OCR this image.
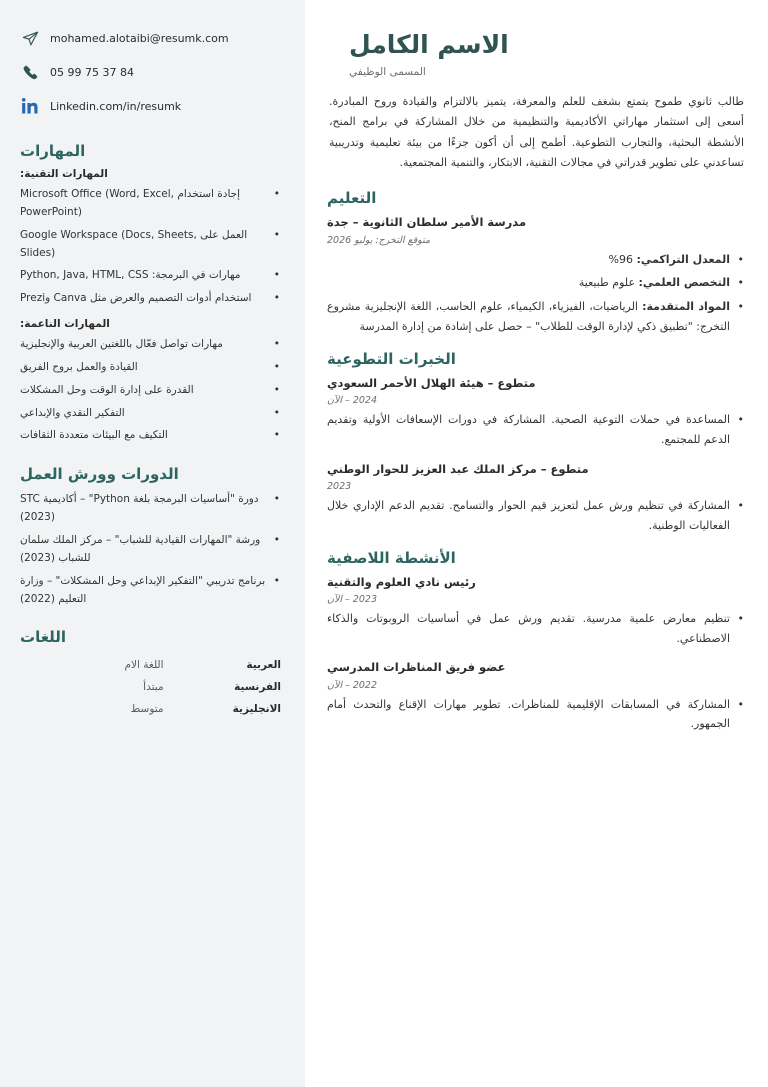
mohamed.alotaibi@resumk.com
05 99 75 37 84
Linkedin.com/in/resumk
المهارات
المهارات التقنية:
• إجادة استخدام Microsoft Office (Word, Excel, PowerPoint)
• العمل على Google Workspace (Docs, Sheets, Slides)
• مهارات في البرمجة: Python, Java, HTML, CSS
• استخدام أدوات التصميم والعرض مثل Canva وPrezi
المهارات الناعمة:
• مهارات تواصل فعّال باللغتين العربية والإنجليزية
• القيادة والعمل بروح الفريق
• القدرة على إدارة الوقت وحل المشكلات
• التفكير النقدي والإبداعي
• التكيف مع البيئات متعددة الثقافات
الدورات وورش العمل
• دورة "أساسيات البرمجة بلغة Python" – أكاديمية STC (2023)
• ورشة "المهارات القيادية للشباب" – مركز الملك سلمان للشباب (2023)
• برنامج تدريبي "التفكير الإبداعي وحل المشكلات" – وزارة التعليم (2022)
اللغات
العربية	اللغة الام
الفرنسية	مبتدأ
الانجليزية	متوسط
الاسم الكامل
المسمى الوظيفي

طالب ثانوي طموح يتمتع بشغف للعلم والمعرفة، يتميز بالالتزام والقيادة وروح المبادرة. أسعى إلى استثمار مهاراتي الأكاديمية والتنظيمية من خلال المشاركة في برامج المنح، الأنشطة البحثية، والتجارب التطوعية. أطمح إلى أن أكون جزءًا من بيئة تعليمية وتدريبية تساعدني على تطوير قدراتي في مجالات التقنية، الابتكار، والتنمية المجتمعية.

التعليم
مدرسة الأمير سلطان الثانوية – جدة
متوقع التخرج: يوليو 2026
• المعدل التراكمي: 96%
• التخصص العلمي: علوم طبيعية
• المواد المتقدمة: الرياضيات، الفيزياء، الكيمياء، علوم الحاسب، اللغة الإنجليزية مشروع التخرج: "تطبيق ذكي لإدارة الوقت للطلاب" – حصل على إشادة من إدارة المدرسة
الخبرات التطوعية
متطوع – هيئة الهلال الأحمر السعودي
2024 – الآن
• المساعدة في حملات التوعية الصحية. المشاركة في دورات الإسعافات الأولية وتقديم الدعم للمجتمع.
متطوع – مركز الملك عبد العزيز للحوار الوطني
2023
• المشاركة في تنظيم ورش عمل لتعزيز قيم الحوار والتسامح. تقديم الدعم الإداري خلال الفعاليات الوطنية.
الأنشطة اللاصفية
رئيس نادي العلوم والتقنية
2023 – الآن
• تنظيم معارض علمية مدرسية. تقديم ورش عمل في أساسيات الروبوتات والذكاء الاصطناعي.
عضو فريق المناظرات المدرسي
2022 – الآن
• المشاركة في المسابقات الإقليمية للمناظرات. تطوير مهارات الإقناع والتحدث أمام الجمهور.
